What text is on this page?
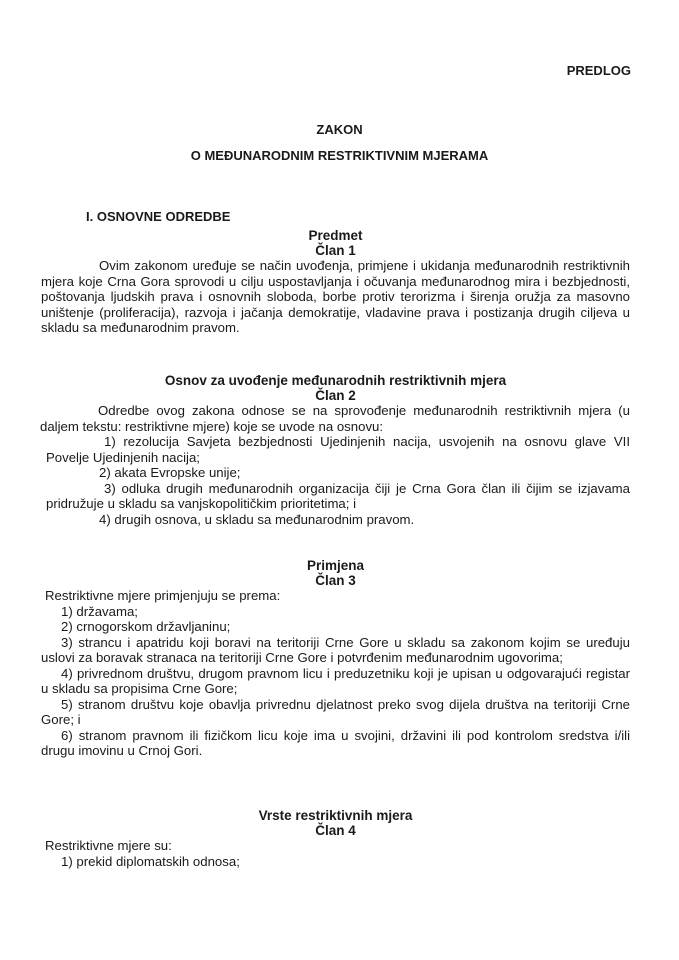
PREDLOG
ZAKON
O MEĐUNARODNIM RESTRIKTIVNIM MJERAMA
I. OSNOVNE ODREDBE
Predmet
Član 1
Ovim zakonom uređuje se način uvođenja, primjene i ukidanja međunarodnih restriktivnih mjera koje Crna Gora sprovodi u cilju uspostavljanja i očuvanja međunarodnog mira i bezbjednosti, poštovanja ljudskih prava i osnovnih sloboda, borbe protiv terorizma i širenja oružja za masovno uništenje (proliferacija), razvoja i jačanja demokratije, vladavine prava i postizanja drugih ciljeva u skladu sa međunarodnim pravom.
Osnov za uvođenje međunarodnih restriktivnih mjera
Član 2
Odredbe ovog zakona odnose se na sprovođenje međunarodnih restriktivnih mjera (u daljem tekstu: restriktivne mjere) koje se uvode na osnovu:
1) rezolucija Savjeta bezbjednosti Ujedinjenih nacija, usvojenih na osnovu glave VII Povelje Ujedinjenih nacija;
2) akata Evropske unije;
3) odluka drugih međunarodnih organizacija čiji je Crna Gora član ili čijim se izjavama pridružuje u skladu sa vanjskopolitičkim prioritetima; i
4) drugih osnova, u skladu sa međunarodnim pravom.
Primjena
Član 3
Restriktivne mjere primjenjuju se prema:
1) državama;
2) crnogorskom državljaninu;
3) strancu i apatridu koji boravi na teritoriji Crne Gore u skladu sa zakonom kojim se uređuju uslovi za boravak stranaca na teritoriji Crne Gore i potvrđenim međunarodnim ugovorima;
4) privrednom društvu, drugom pravnom licu i preduzetniku koji je upisan u odgovarajući registar u skladu sa propisima Crne Gore;
5) stranom društvu koje obavlja privrednu djelatnost preko svog dijela društva na teritoriji Crne Gore; i
6) stranom pravnom ili fizičkom licu koje ima u svojini, državini ili pod kontrolom sredstva i/ili drugu imovinu u Crnoj Gori.
Vrste restriktivnih mjera
Član 4
Restriktivne mjere su:
1) prekid diplomatskih odnosa;
